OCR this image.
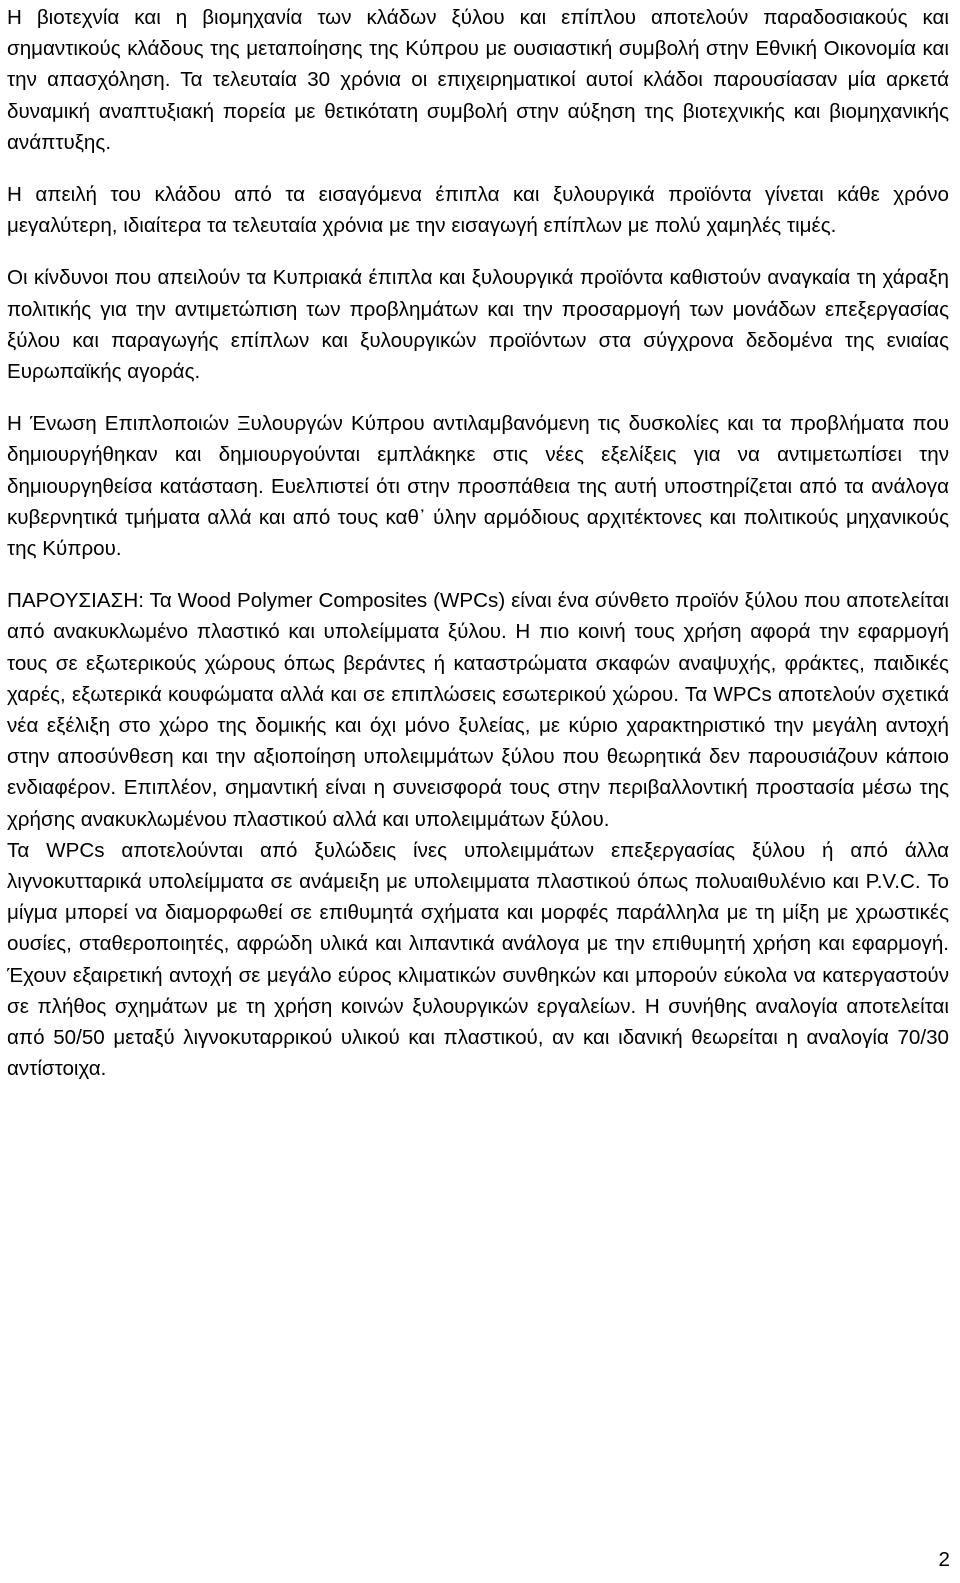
Η βιοτεχνία και η βιομηχανία των κλάδων ξύλου και επίπλου αποτελούν παραδοσιακούς και σημαντικούς κλάδους της μεταποίησης της Κύπρου με ουσιαστική συμβολή στην Εθνική Οικονομία και την απασχόληση. Τα τελευταία 30 χρόνια οι επιχειρηματικοί αυτοί κλάδοι παρουσίασαν μία αρκετά δυναμική αναπτυξιακή πορεία με θετικότατη συμβολή στην αύξηση της βιοτεχνικής και βιομηχανικής ανάπτυξης.

Η απειλή του κλάδου από τα εισαγόμενα έπιπλα και ξυλουργικά προϊόντα γίνεται κάθε χρόνο μεγαλύτερη, ιδιαίτερα τα τελευταία χρόνια με την εισαγωγή επίπλων με πολύ χαμηλές τιμές.

Οι κίνδυνοι που απειλούν τα Κυπριακά έπιπλα και ξυλουργικά προϊόντα καθιστούν αναγκαία τη χάραξη πολιτικής για την αντιμετώπιση των προβλημάτων και την προσαρμογή των μονάδων επεξεργασίας ξύλου και παραγωγής επίπλων και ξυλουργικών προϊόντων στα σύγχρονα δεδομένα της ενιαίας Ευρωπαϊκής αγοράς.

Η Ένωση Επιπλοποιών Ξυλουργών Κύπρου αντιλαμβανόμενη τις δυσκολίες και τα προβλήματα που δημιουργήθηκαν και δημιουργούνται εμπλάκηκε στις νέες εξελίξεις για να αντιμετωπίσει την δημιουργηθείσα κατάσταση. Ευελπιστεί ότι στην προσπάθεια της αυτή υποστηρίζεται από τα ανάλογα κυβερνητικά τμήματα αλλά και από τους καθ᾽ ύλην αρμόδιους αρχιτέκτονες και πολιτικούς μηχανικούς της Κύπρου.

ΠΑΡΟΥΣΙΑΣΗ: Τα Wood Polymer Composites (WPCs) είναι ένα σύνθετο προϊόν ξύλου που αποτελείται από ανακυκλωμένο πλαστικό και υπολείμματα ξύλου. Η πιο κοινή τους χρήση αφορά την εφαρμογή τους σε εξωτερικούς χώρους όπως βεράντες ή καταστρώματα σκαφών αναψυχής, φράκτες, παιδικές χαρές, εξωτερικά κουφώματα αλλά και σε επιπλώσεις εσωτερικού χώρου. Τα WPCs αποτελούν σχετικά νέα εξέλιξη στο χώρο της δομικής και όχι μόνο ξυλείας, με κύριο χαρακτηριστικό την μεγάλη αντοχή στην αποσύνθεση και την αξιοποίηση υπολειμμάτων ξύλου που θεωρητικά δεν παρουσιάζουν κάποιο ενδιαφέρον. Επιπλέον, σημαντική είναι η συνεισφορά τους στην περιβαλλοντική προστασία μέσω της χρήσης ανακυκλωμένου πλαστικού αλλά και υπολειμμάτων ξύλου.

Τα WPCs αποτελούνται από ξυλώδεις ίνες υπολειμμάτων επεξεργασίας ξύλου ή από άλλα λιγνοκυτταρικά υπολείμματα σε ανάμειξη με υπολειμματα πλαστικού όπως πολυαιθυλένιο και P.V.C. Το μίγμα μπορεί να διαμορφωθεί σε επιθυμητά σχήματα και μορφές παράλληλα με τη μίξη με χρωστικές ουσίες, σταθεροποιητές, αφρώδη υλικά και λιπαντικά ανάλογα με την επιθυμητή χρήση και εφαρμογή. Έχουν εξαιρετική αντοχή σε μεγάλο εύρος κλιματικών συνθηκών και μπορούν εύκολα να κατεργαστούν σε πλήθος σχημάτων με τη χρήση κοινών ξυλουργικών εργαλείων. Η συνήθης αναλογία αποτελείται από 50/50 μεταξύ λιγνοκυταρρικού υλικού και πλαστικού, αν και ιδανική θεωρείται η αναλογία 70/30 αντίστοιχα.

2
